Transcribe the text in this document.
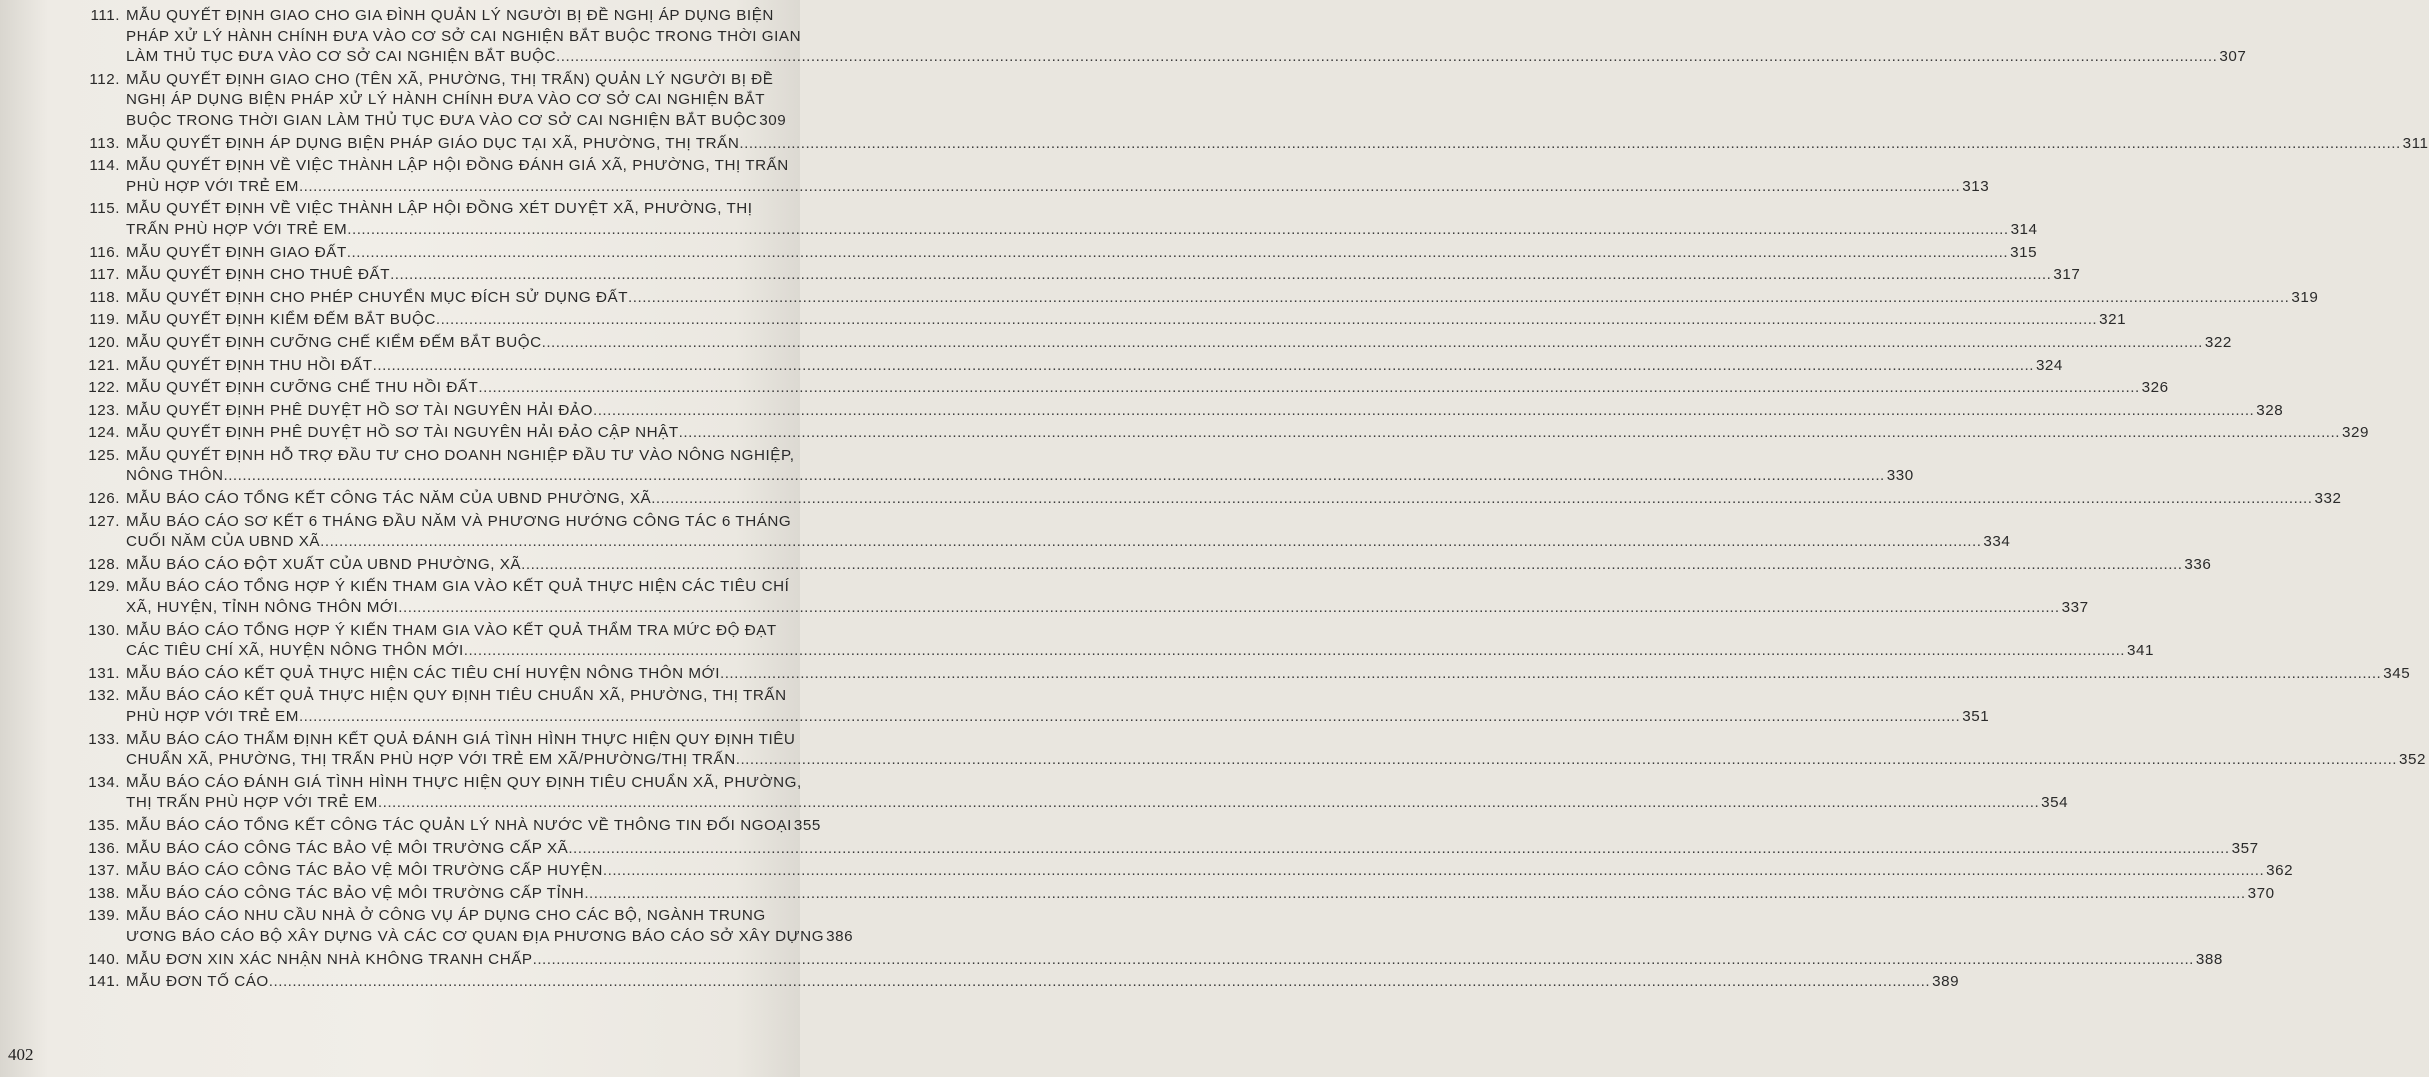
111. MẪU QUYẾT ĐỊNH GIAO CHO GIA ĐÌNH QUẢN LÝ NGƯỜI BỊ ĐỀ NGHỊ ÁP DỤNG BIỆN
PHÁP XỬ LÝ HÀNH CHÍNH ĐƯA VÀO CƠ SỞ CAI NGHIỆN BẮT BUỘC TRONG THỜI GIAN
LÀM THỦ TỤC ĐƯA VÀO CƠ SỞ CAI NGHIỆN BẮT BUỘC .....	307
112. MẪU QUYẾT ĐỊNH GIAO CHO (TÊN XÃ, PHƯỜNG, THỊ TRẤN) QUẢN LÝ NGƯỜI BỊ ĐỀ
NGHỊ ÁP DỤNG BIỆN PHÁP XỬ LÝ HÀNH CHÍNH ĐƯA VÀO CƠ SỞ CAI NGHIỆN BẮT
BUỘC TRONG THỜI GIAN LÀM THỦ TỤC ĐƯA VÀO CƠ SỞ CAI NGHIỆN BẮT BUỘC 309
113. MẪU QUYẾT ĐỊNH ÁP DỤNG BIỆN PHÁP GIÁO DỤC TẠI XÃ, PHƯỜNG, THỊ TRẤN .....	311
114. MẪU QUYẾT ĐỊNH VỀ VIỆC THÀNH LẬP HỘI ĐỒNG ĐÁNH GIÁ XÃ, PHƯỜNG, THỊ TRẤN
PHÙ HỢP VỚI TRẺ EM .....	313
115. MẪU QUYẾT ĐỊNH VỀ VIỆC THÀNH LẬP HỘI ĐỒNG XÉT DUYỆT XÃ, PHƯỜNG, THỊ
TRẤN PHÙ HỢP VỚI TRẺ EM .....	314
116. MẪU QUYẾT ĐỊNH GIAO ĐẤT .....	315
117. MẪU QUYẾT ĐỊNH CHO THUÊ ĐẤT .....	317
118. MẪU QUYẾT ĐỊNH CHO PHÉP CHUYỂN MỤC ĐÍCH SỬ DỤNG ĐẤT .....	319
119. MẪU QUYẾT ĐỊNH KIỂM ĐẾM BẮT BUỘC .....	321
120. MẪU QUYẾT ĐỊNH CƯỠNG CHẾ KIỂM ĐẾM BẮT BUỘC .....	322
121. MẪU QUYẾT ĐỊNH THU HỒI ĐẤT .....	324
122. MẪU QUYẾT ĐỊNH CƯỠNG CHẾ THU HỒI ĐẤT .....	326
123. MẪU QUYẾT ĐỊNH PHÊ DUYỆT HỒ SƠ TÀI NGUYÊN HẢI ĐẢO .....	328
124. MẪU QUYẾT ĐỊNH PHÊ DUYỆT HỒ SƠ TÀI NGUYÊN HẢI ĐẢO CẬP NHẬT .....	329
125. MẪU QUYẾT ĐỊNH HỖ TRỢ ĐẦU TƯ CHO DOANH NGHIỆP ĐẦU TƯ VÀO NÔNG NGHIỆP,
NÔNG THÔN .....	330
126. MẪU BÁO CÁO TỔNG KẾT CÔNG TÁC NĂM CỦA UBND PHƯỜNG, XÃ .....	332
127. MẪU BÁO CÁO SƠ KẾT 6 THÁNG ĐẦU NĂM VÀ PHƯƠNG HƯỚNG CÔNG TÁC 6 THÁNG
CUỐI NĂM CỦA UBND XÃ .....	334
128. MẪU BÁO CÁO ĐỘT XUẤT CỦA UBND PHƯỜNG, XÃ .....	336
129. MẪU BÁO CÁO TỔNG HỢP Ý KIẾN THAM GIA VÀO KẾT QUẢ THỰC HIỆN CÁC TIÊU CHÍ
XÃ, HUYỆN, TỈNH NÔNG THÔN MỚI .....	337
130. MẪU BÁO CÁO TỔNG HỢP Ý KIẾN THAM GIA VÀO KẾT QUẢ THẨM TRA MỨC ĐỘ ĐẠT
CÁC TIÊU CHÍ XÃ, HUYỆN NÔNG THÔN MỚI .....	341
131. MẪU BÁO CÁO KẾT QUẢ THỰC HIỆN CÁC TIÊU CHÍ HUYỆN NÔNG THÔN MỚI .....	345
132. MẪU BÁO CÁO KẾT QUẢ THỰC HIỆN QUY ĐỊNH TIÊU CHUẨN XÃ, PHƯỜNG, THỊ TRẤN
PHÙ HỢP VỚI TRẺ EM .....	351
133. MẪU BÁO CÁO THẨM ĐỊNH KẾT QUẢ ĐÁNH GIÁ TÌNH HÌNH THỰC HIỆN QUY ĐỊNH TIÊU
CHUẨN XÃ, PHƯỜNG, THỊ TRẤN PHÙ HỢP VỚI TRẺ EM XÃ/PHƯỜNG/THỊ TRẤN .....	352
134. MẪU BÁO CÁO ĐÁNH GIÁ TÌNH HÌNH THỰC HIỆN QUY ĐỊNH TIÊU CHUẨN XÃ, PHƯỜNG,
THỊ TRẤN PHÙ HỢP VỚI TRẺ EM .....	354
135. MẪU BÁO CÁO TỔNG KẾT CÔNG TÁC QUẢN LÝ NHÀ NƯỚC VỀ THÔNG TIN ĐỐI NGOẠI 355
136. MẪU BÁO CÁO CÔNG TÁC BẢO VỆ MÔI TRƯỜNG CẤP XÃ .....	357
137. MẪU BÁO CÁO CÔNG TÁC BẢO VỆ MÔI TRƯỜNG CẤP HUYỆN .....	362
138. MẪU BÁO CÁO CÔNG TÁC BẢO VỆ MÔI TRƯỜNG CẤP TỈNH .....	370
139. MẪU BÁO CÁO NHU CẦU NHÀ Ở CÔNG VỤ ÁP DỤNG CHO CÁC BỘ, NGÀNH TRUNG
ƯƠNG BÁO CÁO BỘ XÂY DỰNG VÀ CÁC CƠ QUAN ĐỊA PHƯƠNG BÁO CÁO SỞ XÂY DỰNG 386
140. MẪU ĐƠN XIN XÁC NHẬN NHÀ KHÔNG TRANH CHẤP .....	388
141. MẪU ĐƠN TỐ CÁO .....	389
402
